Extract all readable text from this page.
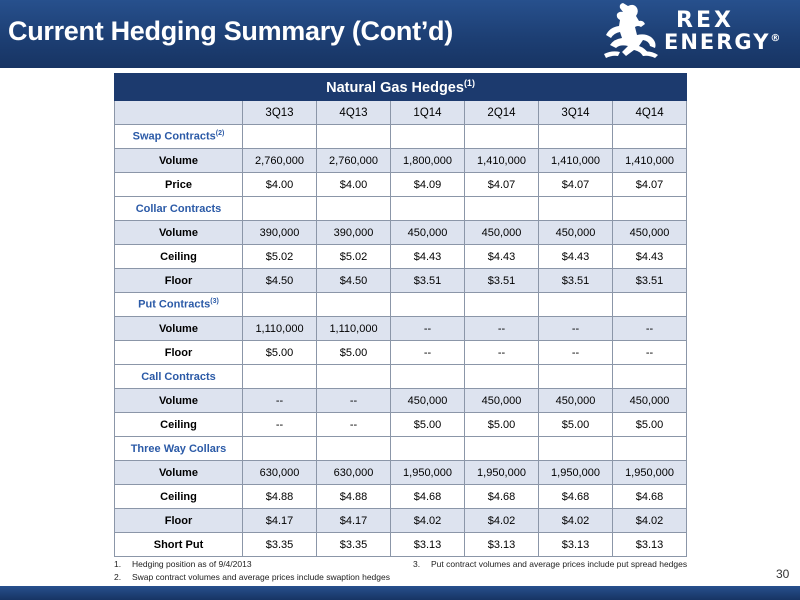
Current Hedging Summary (Cont’d)	REX
ENERGY®
Natural Gas Hedges$^{(1)}$
	3Q13	4Q13	1Q14	2Q14	3Q14	4Q14
Swap Contracts$^{(2)}$						
Volume	2,760,000	2,760,000	1,800,000	1,410,000	1,410,000	1,410,000
Price	$4.00	$4.00	$4.09	$4.07	$4.07	$4.07
Collar Contracts						
Volume	390,000	390,000	450,000	450,000	450,000	450,000
Ceiling	$5.02	$5.02	$4.43	$4.43	$4.43	$4.43
Floor	$4.50	$4.50	$3.51	$3.51	$3.51	$3.51
Put Contracts$^{(3)}$						
Volume	1,110,000	1,110,000	--	--	--	--
Floor	$5.00	$5.00	--	--	--	--
Call Contracts						
Volume	--	--	450,000	450,000	450,000	450,000
Ceiling	--	--	$5.00	$5.00	$5.00	$5.00
Three Way Collars						
Volume	630,000	630,000	1,950,000	1,950,000	1,950,000	1,950,000
Ceiling	$4.88	$4.88	$4.68	$4.68	$4.68	$4.68
Floor	$4.17	$4.17	$4.02	$4.02	$4.02	$4.02
Short Put	$3.35	$3.35	$3.13	$3.13	$3.13	$3.13
1. Hedging position as of 9/4/2013
2. Swap contract volumes and average prices include swaption hedges
3. Put contract volumes and average prices include put spread hedges
30
